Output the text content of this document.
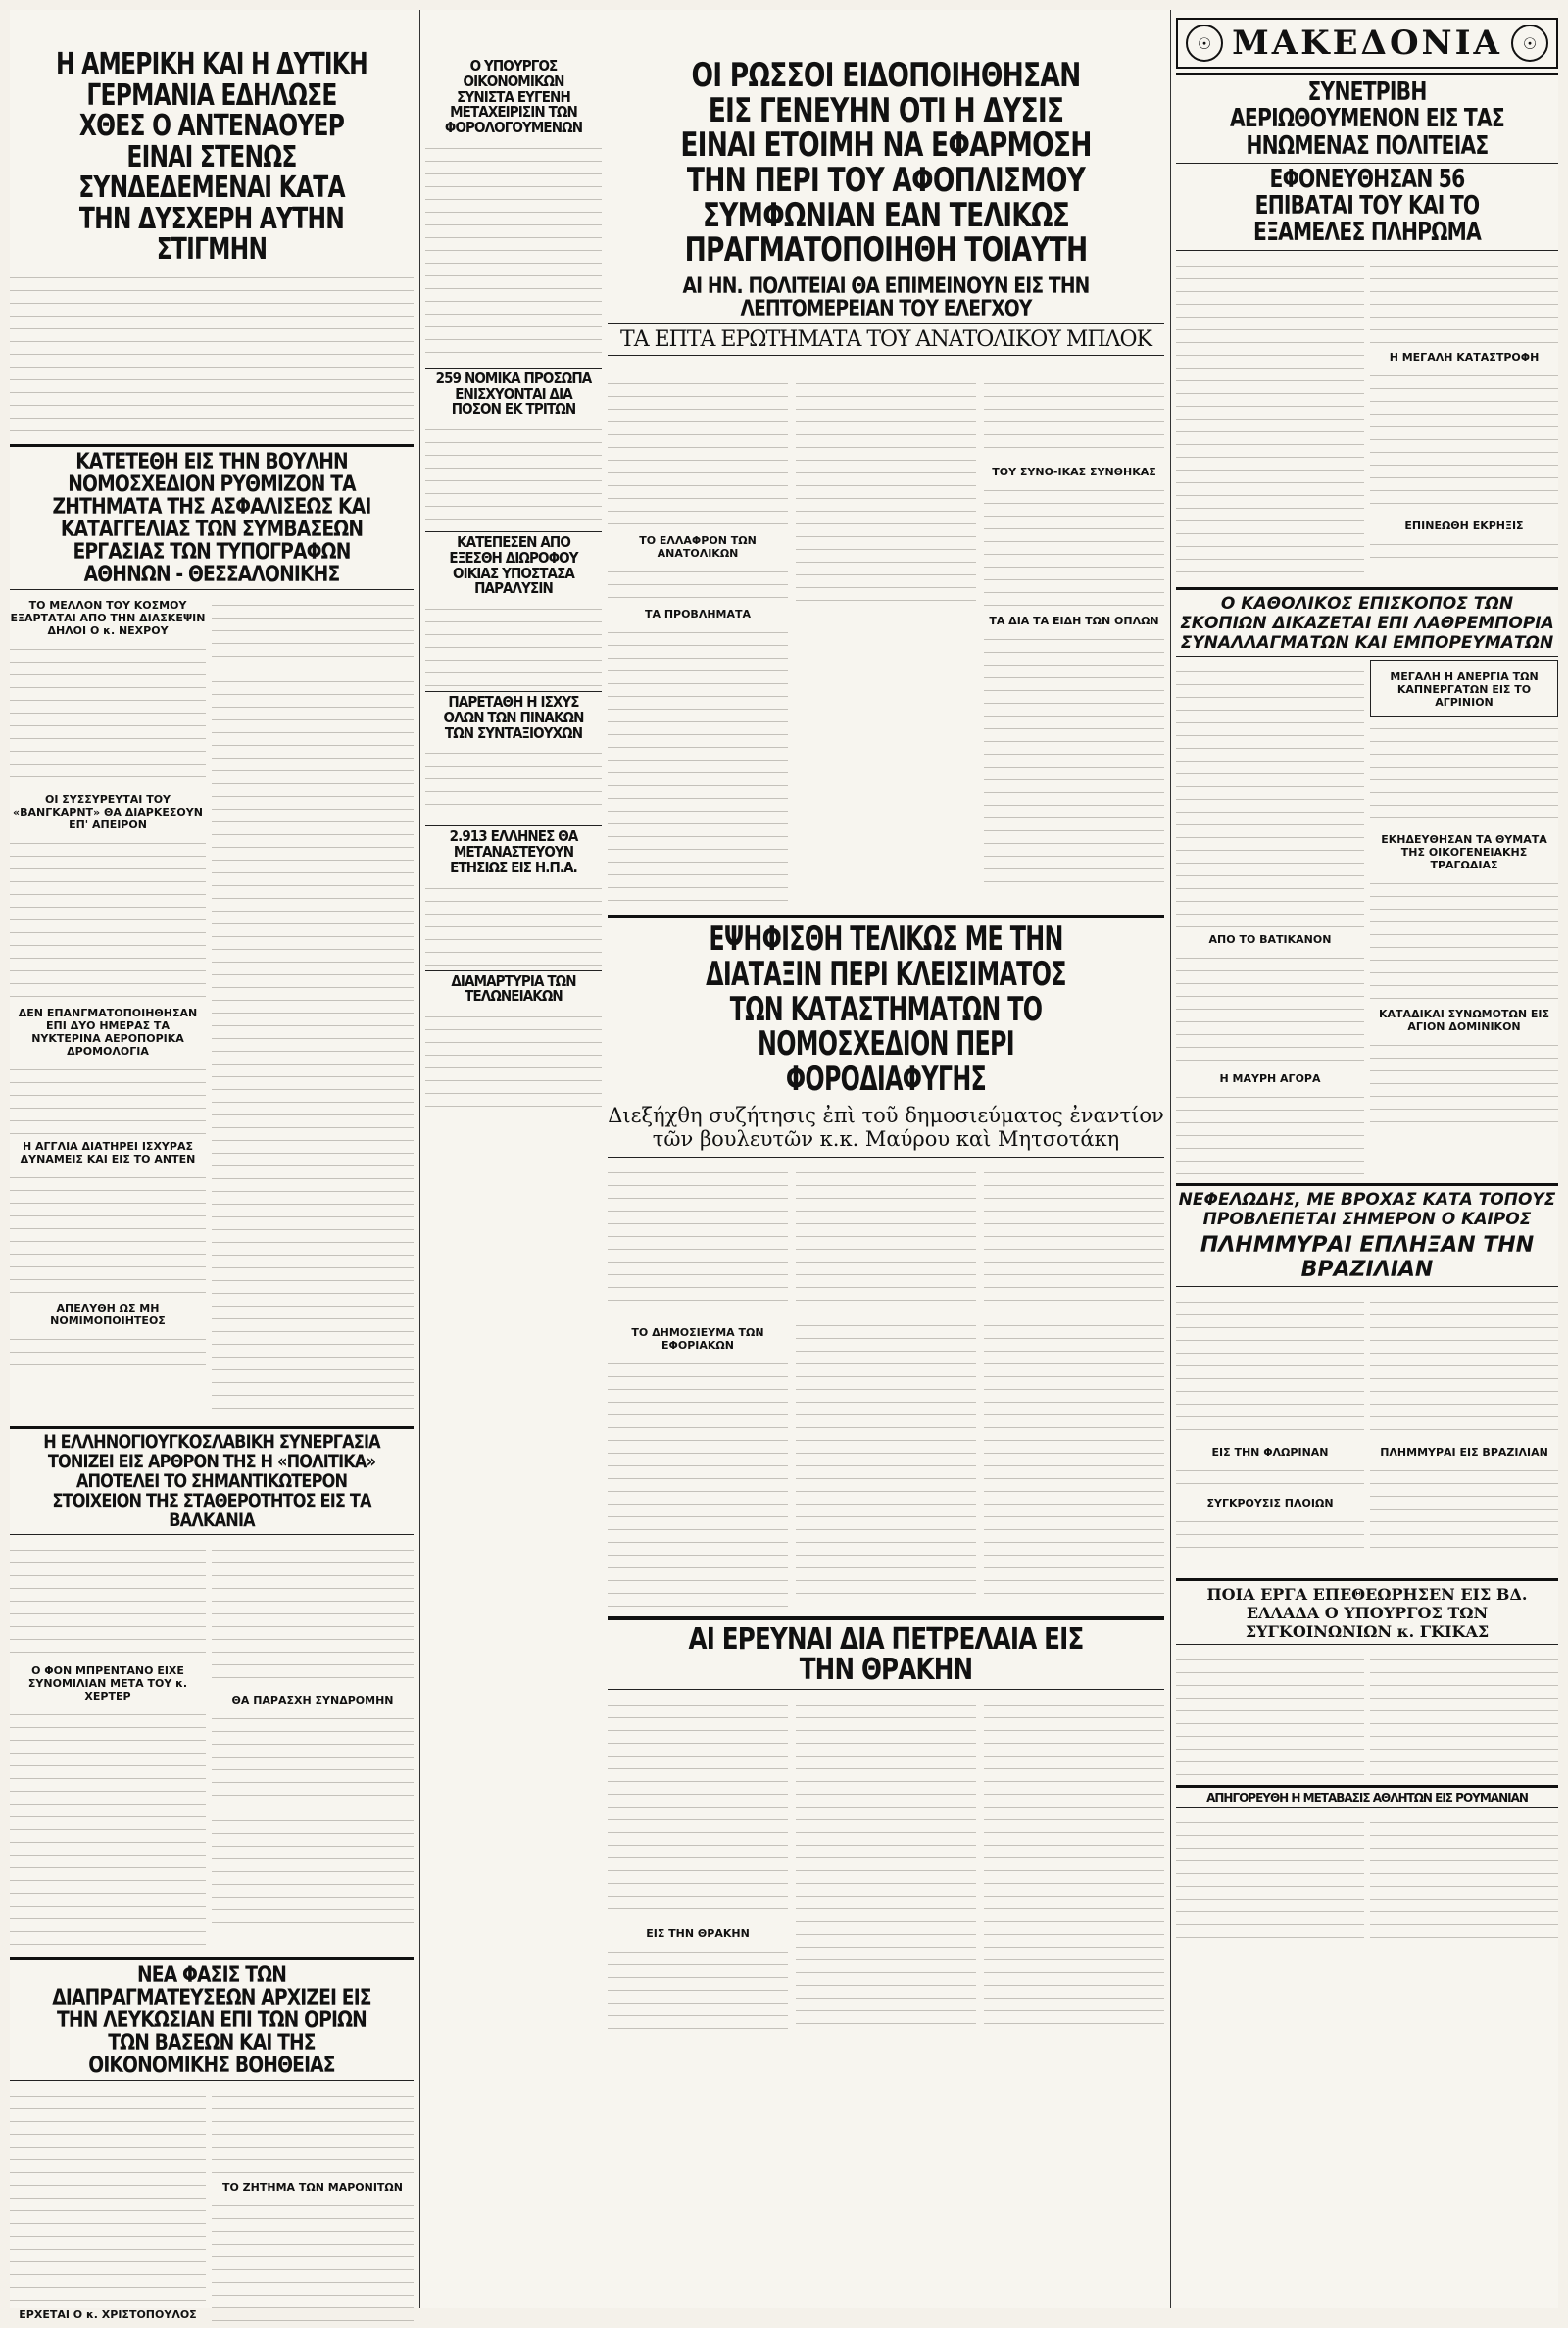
Η ΑΜΕΡΙΚΗ ΚΑΙ Η ΔΥΤΙΚΗ ΓΕΡΜΑΝΙΑ ΕΔΗΛΩΣΕ ΧΘΕΣ Ο ΑΝΤΕΝΑΟΥΕΡ ΕΙΝΑΙ ΣΤΕΝΩΣ ΣΥΝΔΕΔΕΜΕΝΑΙ ΚΑΤΑ ΤΗΝ ΔΥΣΧΕΡΗ ΑΥΤΗΝ ΣΤΙΓΜΗΝ
ΚΑΤΕΤΕΘΗ ΕΙΣ ΤΗΝ ΒΟΥΛΗΝ ΝΟΜΟΣΧΕΔΙΟΝ ΡΥΘΜΙΖΟΝ ΤΑ ΖΗΤΗΜΑΤΑ ΤΗΣ ΑΣΦΑΛΙΣΕΩΣ ΚΑΙ ΚΑΤΑΓΓΕΛΙΑΣ ΤΩΝ ΣΥΜΒΑΣΕΩΝ ΕΡΓΑΣΙΑΣ ΤΩΝ ΤΥΠΟΓΡΑΦΩΝ ΑΘΗΝΩΝ - ΘΕΣΣΑΛΟΝΙΚΗΣ
ΤΟ ΜΕΛΛΟΝ ΤΟΥ ΚΟΣΜΟΥ ΕΞΑΡΤΑΤΑΙ ΑΠΟ ΤΗΝ ΔΙΑΣΚΕΨΙΝ ΔΗΛΟΙ Ο κ. ΝΕΧΡΟΥ
ΟΙ ΣΥΣΣΥΡΕΥΤΑΙ ΤΟΥ «ΒΑΝΓΚΑΡΝΤ» ΘΑ ΔΙΑΡΚΕΣΟΥΝ ΕΠ' ΑΠΕΙΡΟΝ
ΔΕΝ ΕΠΑΝΓΜΑΤΟΠΟΙΗΘΗΣΑΝ ΕΠΙ ΔΥΟ ΗΜΕΡΑΣ ΤΑ ΝΥΚΤΕΡΙΝΑ ΑΕΡΟΠΟΡΙΚΑ ΔΡΟΜΟΛΟΓΙΑ
Η ΑΓΓΛΙΑ ΔΙΑΤΗΡΕΙ ΙΣΧΥΡΑΣ ΔΥΝΑΜΕΙΣ ΚΑΙ ΕΙΣ ΤΟ ΑΝΤΕΝ
ΑΠΕΛΥΘΗ ΩΣ ΜΗ ΝΟΜΙΜΟΠΟΙΗΤΕΟΣ
Η ΕΛΛΗΝΟΓΙΟΥΓΚΟΣΛΑΒΙΚΗ ΣΥΝΕΡΓΑΣΙΑ ΤΟΝΙΖΕΙ ΕΙΣ ΑΡΘΡΟΝ ΤΗΣ Η «ΠΟΛΙΤΙΚΑ» ΑΠΟΤΕΛΕΙ ΤΟ ΣΗΜΑΝΤΙΚΩΤΕΡΟΝ ΣΤΟΙΧΕΙΟΝ ΤΗΣ ΣΤΑΘΕΡΟΤΗΤΟΣ ΕΙΣ ΤΑ ΒΑΛΚΑΝΙΑ
Ο ΦΟΝ ΜΠΡΕΝΤΑΝΟ ΕΙΧΕ ΣΥΝΟΜΙΛΙΑΝ ΜΕΤΑ ΤΟΥ κ. ΧΕΡΤΕΡ	ΘΑ ΠΑΡΑΣΧΗ ΣΥΝΔΡΟΜΗΝ
ΝΕΑ ΦΑΣΙΣ ΤΩΝ ΔΙΑΠΡΑΓΜΑΤΕΥΣΕΩΝ ΑΡΧΙΖΕΙ ΕΙΣ ΤΗΝ ΛΕΥΚΩΣΙΑΝ ΕΠΙ ΤΩΝ ΟΡΙΩΝ ΤΩΝ ΒΑΣΕΩΝ ΚΑΙ ΤΗΣ ΟΙΚΟΝΟΜΙΚΗΣ ΒΟΗΘΕΙΑΣ
ΕΡΧΕΤΑΙ Ο κ. ΧΡΙΣΤΟΠΟΥΛΟΣ
ΤΟ ΖΗΤΗΜΑ ΤΩΝ ΜΑΡΟΝΙΤΩΝ
Ο ΥΠΟΥΡΓΟΣ ΟΙΚΟΝΟΜΙΚΩΝ ΣΥΝΙΣΤΑ ΕΥΓΕΝΗ ΜΕΤΑΧΕΙΡΙΣΙΝ ΤΩΝ ΦΟΡΟΛΟΓΟΥΜΕΝΩΝ
259 ΝΟΜΙΚΑ ΠΡΟΣΩΠΑ ΕΝΙΣΧΥΟΝΤΑΙ ΔΙΑ ΠΟΣΟΝ ΕΚ ΤΡΙΤΩΝ
ΚΑΤΕΠΕΣΕΝ ΑΠΟ ΕΞΕΣΘΗ ΔΙΩΡΟΦΟΥ ΟΙΚΙΑΣ ΥΠΟΣΤΑΣΑ ΠΑΡΑΛΥΣΙΝ
ΠΑΡΕΤΑΘΗ Η ΙΣΧΥΣ ΟΛΩΝ ΤΩΝ ΠΙΝΑΚΩΝ ΤΩΝ ΣΥΝΤΑΞΙΟΥΧΩΝ
2.913 ΕΛΛΗΝΕΣ ΘΑ ΜΕΤΑΝΑΣΤΕΥΟΥΝ ΕΤΗΣΙΩΣ ΕΙΣ Η.Π.Α.
ΔΙΑΜΑΡΤΥΡΙΑ ΤΩΝ ΤΕΛΩΝΕΙΑΚΩΝ
ΟΙ ΡΩΣΣΟΙ ΕΙΔΟΠΟΙΗΘΗΣΑΝ ΕΙΣ ΓΕΝΕΥΗΝ ΟΤΙ Η ΔΥΣΙΣ ΕΙΝΑΙ ΕΤΟΙΜΗ ΝΑ ΕΦΑΡΜΟΣΗ ΤΗΝ ΠΕΡΙ ΤΟΥ ΑΦΟΠΛΙΣΜΟΥ ΣΥΜΦΩΝΙΑΝ ΕΑΝ ΤΕΛΙΚΩΣ ΠΡΑΓΜΑΤΟΠΟΙΗΘΗ ΤΟΙΑΥΤΗ
ΑΙ ΗΝ. ΠΟΛΙΤΕΙΑΙ ΘΑ ΕΠΙΜΕΙΝΟΥΝ ΕΙΣ ΤΗΝ ΛΕΠΤΟΜΕΡΕΙΑΝ ΤΟΥ ΕΛΕΓΧΟΥ
ΤΑ ΕΠΤΑ ΕΡΩΤΗΜΑΤΑ ΤΟΥ ΑΝΑΤΟΛΙΚΟΥ ΜΠΛΟΚ
ΤΟ ΕΛΛΑΦΡΟΝ ΤΩΝ ΑΝΑΤΟΛΙΚΩΝ
ΤΑ ΠΡΟΒΛΗΜΑΤΑ
ΤΟΥ ΣΥΝΟ-ΙΚΑΣ ΣΥΝΘΗΚΑΣ
ΤΑ ΔΙΑ ΤΑ ΕΙΔΗ ΤΩΝ ΟΠΛΩΝ
ΕΨΗΦΙΣΘΗ ΤΕΛΙΚΩΣ ΜΕ ΤΗΝ ΔΙΑΤΑΞΙΝ ΠΕΡΙ ΚΛΕΙΣΙΜΑΤΟΣ ΤΩΝ ΚΑΤΑΣΤΗΜΑΤΩΝ ΤΟ ΝΟΜΟΣΧΕΔΙΟΝ ΠΕΡΙ ΦΟΡΟΔΙΑΦΥΓΗΣ
Διεξήχθη συζήτησις ἐπὶ τοῦ δημοσιεύματος ἐναντίον τῶν βουλευτῶν κ.κ. Μαύρου καὶ Μητσοτάκη
ΤΟ ΔΗΜΟΣΙΕΥΜΑ ΤΩΝ ΕΦΟΡΙΑΚΩΝ
ΑΙ ΕΡΕΥΝΑΙ ΔΙΑ ΠΕΤΡΕΛΑΙΑ ΕΙΣ ΤΗΝ ΘΡΑΚΗΝ
ΕΙΣ ΤΗΝ ΘΡΑΚΗΝ
☉ ΜΑΚΕΔΟΝΙΑ	☉
ΣΥΝΕΤΡΙΒΗ ΑΕΡΙΩΘΟΥΜΕΝΟΝ ΕΙΣ ΤΑΣ ΗΝΩΜΕΝΑΣ ΠΟΛΙΤΕΙΑΣ
ΕΦΟΝΕΥΘΗΣΑΝ 56 ΕΠΙΒΑΤΑΙ ΤΟΥ ΚΑΙ ΤΟ ΕΞΑΜΕΛΕΣ ΠΛΗΡΩΜΑ
Η ΜΕΓΑΛΗ ΚΑΤΑΣΤΡΟΦΗ
ΕΠΙΝΕΩΘΗ ΕΚΡΗΞΙΣ
Ο ΚΑΘΟΛΙΚΟΣ ΕΠΙΣΚΟΠΟΣ ΤΩΝ ΣΚΟΠΙΩΝ ΔΙΚΑΖΕΤΑΙ ΕΠΙ ΛΑΘΡΕΜΠΟΡΙΑ ΣΥΝΑΛΛΑΓΜΑΤΩΝ ΚΑΙ ΕΜΠΟΡΕΥΜΑΤΩΝ
ΑΠΟ ΤΟ ΒΑΤΙΚΑΝΟΝ
Η ΜΑΥΡΗ ΑΓΟΡΑ
ΜΕΓΑΛΗ Η ΑΝΕΡΓΙΑ ΤΩΝ ΚΑΠΝΕΡΓΑΤΩΝ ΕΙΣ ΤΟ ΑΓΡΙΝΙΟΝ
ΕΚΗΔΕΥΘΗΣΑΝ ΤΑ ΘΥΜΑΤΑ ΤΗΣ ΟΙΚΟΓΕΝΕΙΑΚΗΣ ΤΡΑΓΩΔΙΑΣ
ΚΑΤΑΔΙΚΑΙ ΣΥΝΩΜΟΤΩΝ ΕΙΣ ΑΓΙΟΝ ΔΟΜΙΝΙΚΟΝ
ΝΕΦΕΛΩΔΗΣ, ΜΕ ΒΡΟΧΑΣ ΚΑΤΑ ΤΟΠΟΥΣ ΠΡΟΒΛΕΠΕΤΑΙ ΣΗΜΕΡΟΝ Ο ΚΑΙΡΟΣ
ΠΛΗΜΜΥΡΑΙ ΕΠΛΗΞΑΝ ΤΗΝ ΒΡΑΖΙΛΙΑΝ
ΕΙΣ ΤΗΝ ΦΛΩΡΙΝΑΝ
ΣΥΓΚΡΟΥΣΙΣ ΠΛΟΙΩΝ
ΠΛΗΜΜΥΡΑΙ ΕΙΣ ΒΡΑΖΙΛΙΑΝ
ΠΟΙΑ ΕΡΓΑ ΕΠΕΘΕΩΡΗΣΕΝ ΕΙΣ ΒΔ. ΕΛΛΑΔΑ Ο ΥΠΟΥΡΓΟΣ ΤΩΝ ΣΥΓΚΟΙΝΩΝΙΩΝ κ. ΓΚΙΚΑΣ
ΑΠΗΓΟΡΕΥΘΗ Η ΜΕΤΑΒΑΣΙΣ ΑΘΛΗΤΩΝ ΕΙΣ ΡΟΥΜΑΝΙΑΝ
